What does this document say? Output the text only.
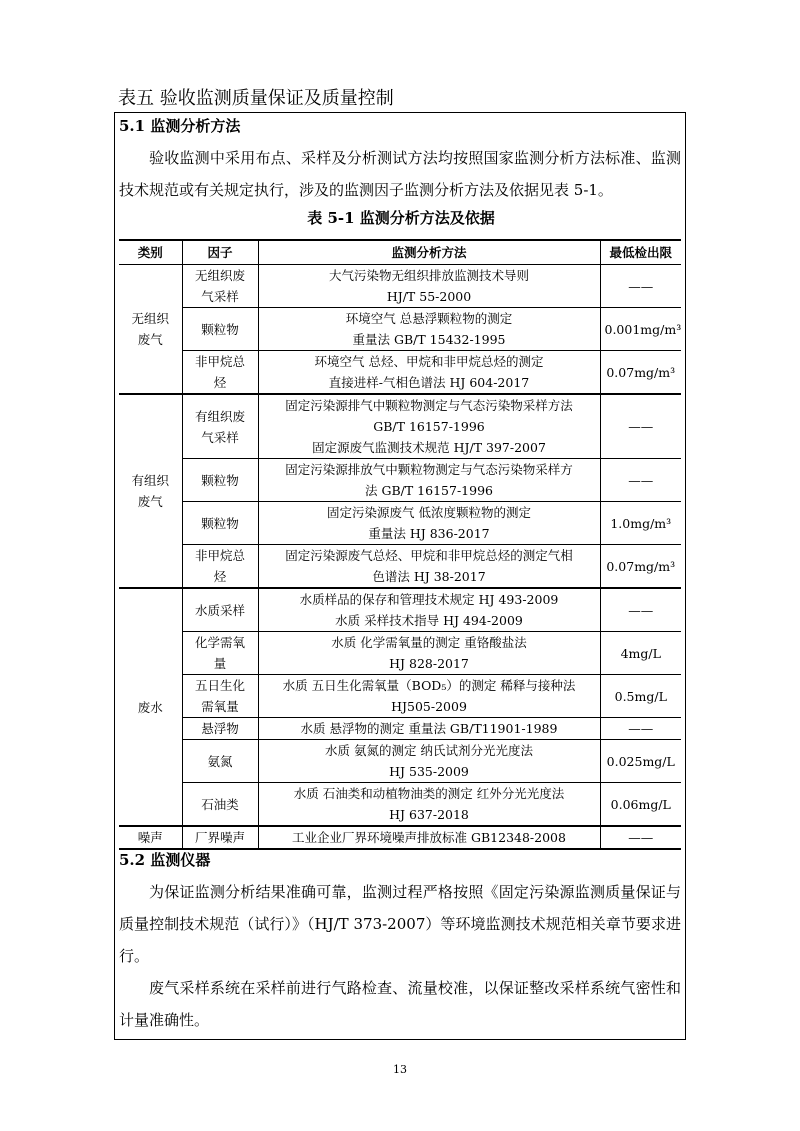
表五 验收监测质量保证及质量控制
5.1 监测分析方法

验收监测中采用布点、采样及分析测试方法均按照国家监测分析方法标准、监测技术规范或有关规定执行，涉及的监测因子监测分析方法及依据见表 5-1。

表 5-1 监测分析方法及依据
类别	因子	监测分析方法	最低检出限
无组织废气	无组织废气采样	大气污染物无组织排放监测技术导则
HJ/T 55-2000	——
	颗粒物	环境空气 总悬浮颗粒物的测定
重量法 GB/T 15432-1995	0.001mg/m³
	非甲烷总烃	环境空气 总烃、甲烷和非甲烷总烃的测定
直接进样-气相色谱法 HJ 604-2017	0.07mg/m³
有组织废气	有组织废气采样	固定污染源排气中颗粒物测定与气态污染物采样方法
GB/T 16157-1996
固定源废气监测技术规范 HJ/T 397-2007	——
	颗粒物	固定污染源排放气中颗粒物测定与气态污染物采样方
法 GB/T 16157-1996	——
	颗粒物	固定污染源废气 低浓度颗粒物的测定
重量法 HJ 836-2017	1.0mg/m³
	非甲烷总烃	固定污染源废气总烃、甲烷和非甲烷总烃的测定气相
色谱法 HJ 38-2017	0.07mg/m³
废水	水质采样	水质样品的保存和管理技术规定 HJ 493-2009
水质 采样技术指导 HJ 494-2009	——
	化学需氧量	水质 化学需氧量的测定 重铬酸盐法
HJ 828-2017	4mg/L
	五日生化需氧量	水质 五日生化需氧量（BOD₅）的测定 稀释与接种法
HJ505-2009	0.5mg/L
	悬浮物	水质 悬浮物的测定 重量法 GB/T11901-1989	——
	氨氮	水质 氨氮的测定 纳氏试剂分光光度法
HJ 535-2009	0.025mg/L
	石油类	水质 石油类和动植物油类的测定 红外分光光度法
HJ 637-2018	0.06mg/L
噪声	厂界噪声	工业企业厂界环境噪声排放标准 GB12348-2008	——
5.2 监测仪器

为保证监测分析结果准确可靠，监测过程严格按照《固定污染源监测质量保证与质量控制技术规范（试行）》（HJ/T 373-2007）等环境监测技术规范相关章节要求进行。

废气采样系统在采样前进行气路检查、流量校准，以保证整改采样系统气密性和计量准确性。

13
